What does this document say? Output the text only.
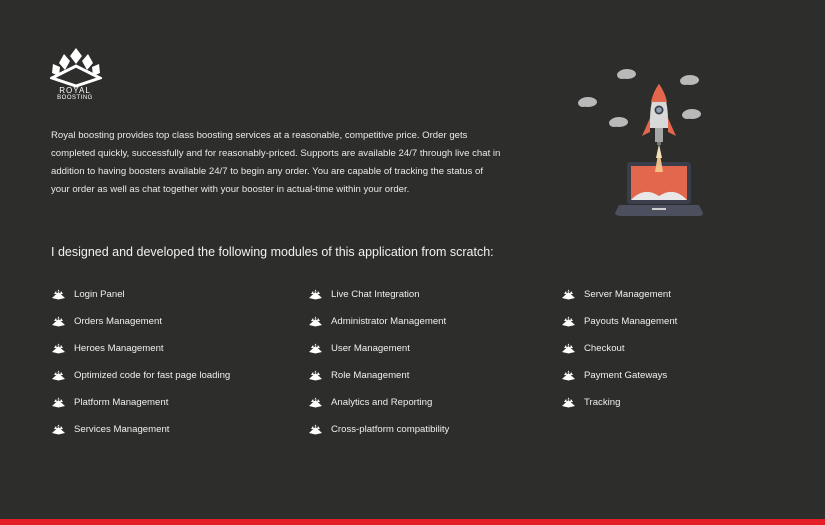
ROYAL
BOOSTING

Royal boosting provides top class boosting services at a reasonable, competitive price. Order gets completed quickly, successfully and for reasonably-priced. Supports are available 24/7 through live chat in addition to having boosters available 24/7 to begin any order. You are capable of tracking the status of your order as well as chat together with your booster in actual-time within your order.

I designed and developed the following modules of this application from scratch:
Login Panel
Orders Management
Heroes Management
Optimized code for fast page loading
Platform Management
Services Management
Live Chat Integration
Administrator Management
User Management
Role Management
Analytics and Reporting
Cross-platform compatibility
Server Management
Payouts Management
Checkout
Payment Gateways
Tracking
